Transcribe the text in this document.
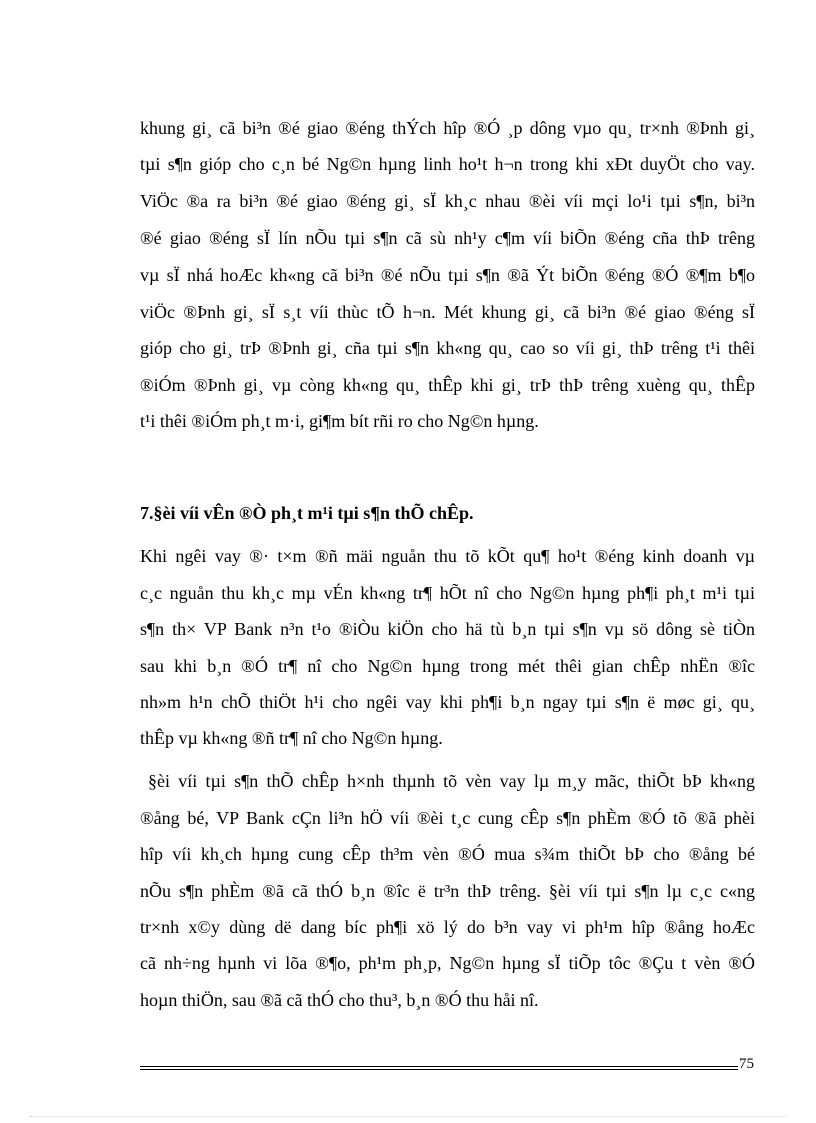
khung gi¸ cã bi³n ®é giao ®éng thÝch hîp ®Ó ¸p dông vµo qu¸ tr×nh ®Þnh gi¸
tµi s¶n gióp cho c¸n bé Ng©n hµng linh ho¹t h¬n trong khi xÐt duyÖt cho vay.
ViÖc ®a ra bi³n ®é giao ®éng gi¸ sÏ kh¸c nhau ®èi víi mçi lo¹i tµi s¶n, bi³n
®é giao ®éng sÏ lín nÕu tµi s¶n cã sù nh¹y c¶m víi biÕn ®éng cña thÞ trêng
vµ sÏ nhá hoÆc kh«ng cã bi³n ®é nÕu tµi s¶n ®ã Ýt biÕn ®éng ®Ó ®¶m b¶o
viÖc ®Þnh gi¸ sÏ s¸t víi thùc tÕ h¬n. Mét khung gi¸ cã bi³n ®é giao ®éng sÏ
gióp cho gi¸ trÞ ®Þnh gi¸ cña tµi s¶n kh«ng qu¸ cao so víi gi¸ thÞ trêng t¹i thêi
®iÓm ®Þnh gi¸ vµ còng kh«ng qu¸ thÊp khi gi¸ trÞ thÞ trêng xuèng qu¸ thÊp
t¹i thêi ®iÓm ph¸t m·i, gi¶m bít rñi ro cho Ng©n hµng.
7.§èi víi vÊn ®Ò ph¸t m¹i tµi s¶n thÕ chÊp.
Khi ngêi vay ®· t×m ®ñ mäi nguån thu tõ kÕt qu¶ ho¹t ®éng kinh doanh vµ
c¸c nguån thu kh¸c mµ vÉn kh«ng tr¶ hÕt nî cho Ng©n hµng ph¶i ph¸t m¹i tµi
s¶n th× VP Bank n³n t¹o ®iÒu kiÖn cho hä tù b¸n tµi s¶n vµ sö dông sè tiÒn
sau khi b¸n ®Ó tr¶ nî cho Ng©n hµng trong mét thêi gian chÊp nhËn ®îc
nh»m h¹n chÕ thiÖt h¹i cho ngêi vay khi ph¶i b¸n ngay tµi s¶n ë møc gi¸ qu¸
thÊp vµ kh«ng ®ñ tr¶ nî cho Ng©n hµng.
§èi víi tµi s¶n thÕ chÊp h×nh thµnh tõ vèn vay lµ m¸y mãc, thiÕt bÞ kh«ng
®ång bé, VP Bank cÇn li³n hÖ víi ®èi t¸c cung cÊp s¶n phÈm ®Ó tõ ®ã phèi
hîp víi kh¸ch hµng cung cÊp th³m vèn ®Ó mua s¾m thiÕt bÞ cho ®ång bé
nÕu s¶n phÈm ®ã cã thÓ b¸n ®îc ë tr³n thÞ trêng. §èi víi tµi s¶n lµ c¸c c«ng
tr×nh x©y dùng dë dang bíc ph¶i xö lý do b³n vay vi ph¹m hîp ®ång hoÆc
cã nh÷ng hµnh vi lõa ®¶o, ph¹m ph¸p, Ng©n hµng sÏ tiÕp tôc ®Çu t vèn ®Ó
hoµn thiÖn, sau ®ã cã thÓ cho thu³, b¸n ®Ó thu håi nî.
75
